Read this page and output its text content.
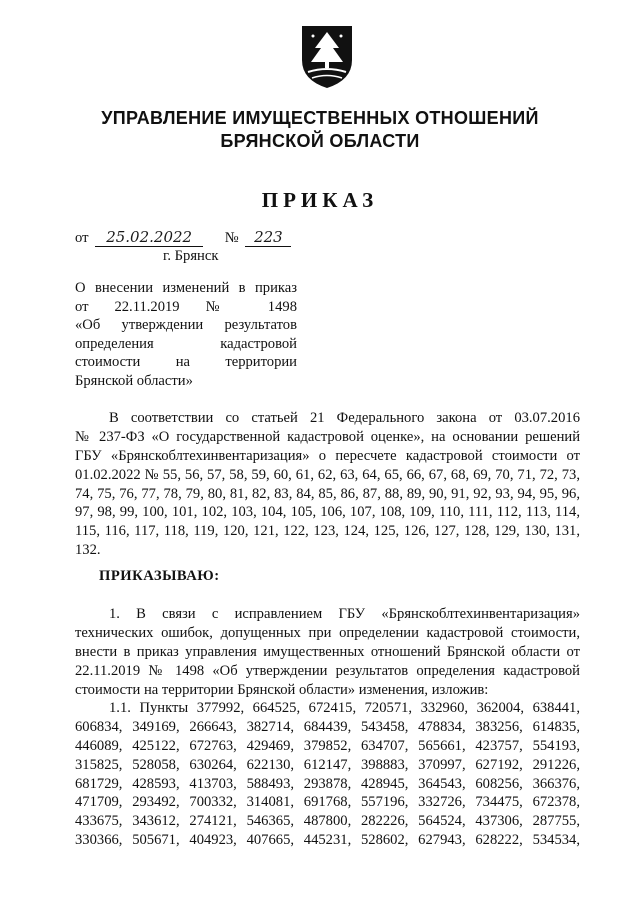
УПРАВЛЕНИЕ ИМУЩЕСТВЕННЫХ ОТНОШЕНИЙ
БРЯНСКОЙ ОБЛАСТИ
ПРИКАЗ
от 25.02.2022 № 223
г. Брянск
О внесении изменений в приказ
от 22.11.2019 № 1498
«Об утверждении результатов
определения кадастровой
стоимости на территории
Брянской области»
В соответствии со статьей 21 Федерального закона от 03.07.2016
№ 237-ФЗ «О государственной кадастровой оценке», на основании решений
ГБУ «Брянскоблтехинвентаризация» о пересчете кадастровой стоимости от
01.02.2022 № 55, 56, 57, 58, 59, 60, 61, 62, 63, 64, 65, 66, 67, 68, 69, 70, 71, 72, 73,
74, 75, 76, 77, 78, 79, 80, 81, 82, 83, 84, 85, 86, 87, 88, 89, 90, 91, 92, 93, 94, 95, 96,
97, 98, 99, 100, 101, 102, 103, 104, 105, 106, 107, 108, 109, 110, 111, 112, 113, 114,
115, 116, 117, 118, 119, 120, 121, 122, 123, 124, 125, 126, 127, 128, 129, 130, 131,
132.
ПРИКАЗЫВАЮ:
1. В связи с исправлением ГБУ «Брянскоблтехинвентаризация»
технических ошибок, допущенных при определении кадастровой стоимости,
внести в приказ управления имущественных отношений Брянской области от
22.11.2019 № 1498 «Об утверждении результатов определения кадастровой
стоимости на территории Брянской области» изменения, изложив:
1.1. Пункты 377992, 664525, 672415, 720571, 332960, 362004, 638441,
606834, 349169, 266643, 382714, 684439, 543458, 478834, 383256, 614835,
446089, 425122, 672763, 429469, 379852, 634707, 565661, 423757, 554193,
315825, 528058, 630264, 622130, 612147, 398883, 370997, 627192, 291226,
681729, 428593, 413703, 588493, 293878, 428945, 364543, 608256, 366376,
471709, 293492, 700332, 314081, 691768, 557196, 332726, 734475, 672378,
433675, 343612, 274121, 546365, 487800, 282226, 564524, 437306, 287755,
330366, 505671, 404923, 407665, 445231, 528602, 627943, 628222, 534534,
